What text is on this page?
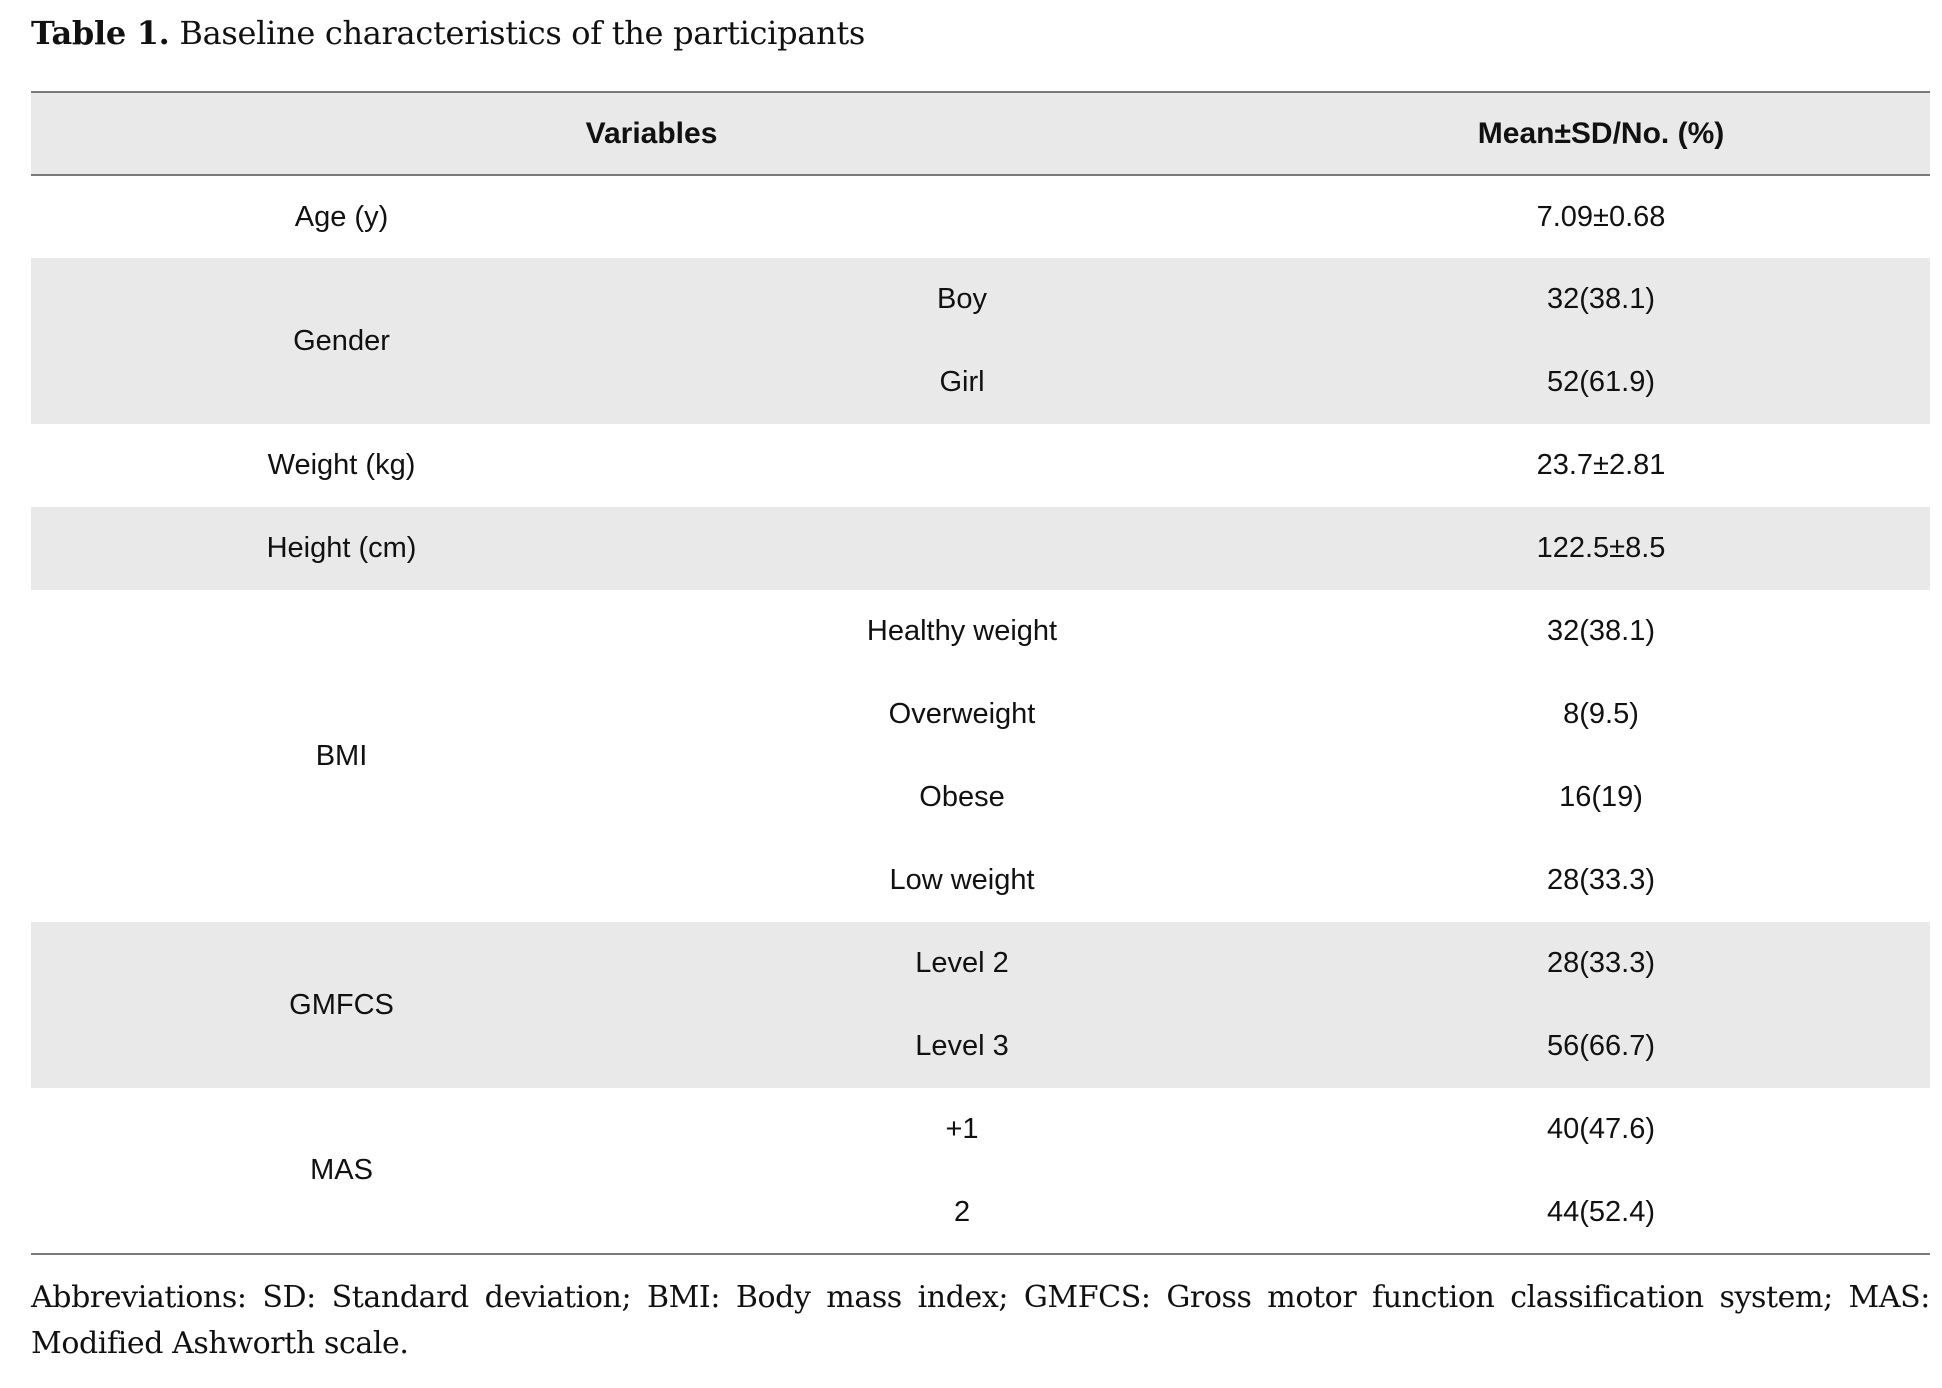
Table 1. Baseline characteristics of the participants
Variables		Mean±SD/No. (%)
Age (y)		7.09±0.68
Gender	Boy	32(38.1)
	Girl	52(61.9)
Weight (kg)		23.7±2.81
Height (cm)		122.5±8.5
BMI	Healthy weight	32(38.1)
	Overweight	8(9.5)
	Obese	16(19)
	Low weight	28(33.3)
GMFCS	Level 2	28(33.3)
	Level 3	56(66.7)
MAS	+1	40(47.6)
	2	44(52.4)
Abbreviations: SD: Standard deviation; BMI: Body mass index; GMFCS: Gross motor function classification system; MAS: Modified Ashworth scale.
